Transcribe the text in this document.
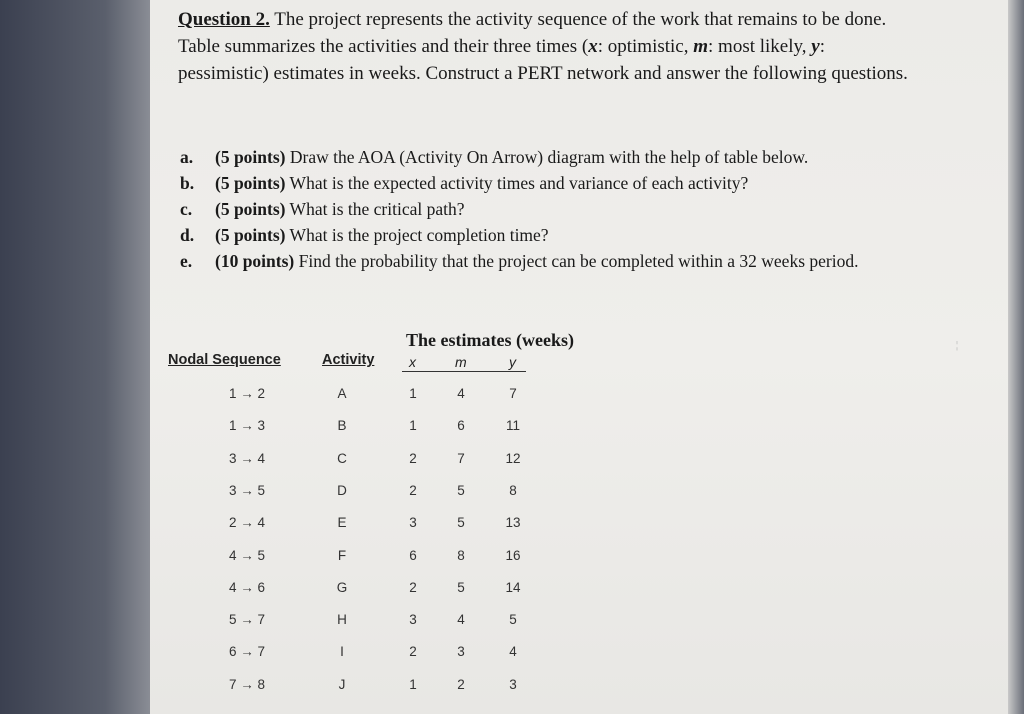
Question 2. The project represents the activity sequence of the work that remains to be done. Table summarizes the activities and their three times (x: optimistic, m: most likely, y: pessimistic) estimates in weeks. Construct a PERT network and answer the following questions.

a.	(5 points) Draw the AOA (Activity On Arrow) diagram with the help of table below.
b.	(5 points) What is the expected activity times and variance of each activity?
c.	(5 points) What is the critical path?
d.	(5 points) What is the project completion time?
e.	(10 points) Find the probability that the project can be completed within a 32 weeks period.
The estimates (weeks)
Nodal Sequence	Activity x	m	y
1 → 2	A	1	4	7
1 → 3	B	1	6	11
3 → 4	C	2	7	12
3 → 5	D	2	5	8
2 → 4	E	3	5	13
4 → 5	F	6	8	16
4 → 6	G	2	5	14
5 → 7	H	3	4	5
6 → 7	I	2	3	4
7 → 8	J	1	2	3
¦
